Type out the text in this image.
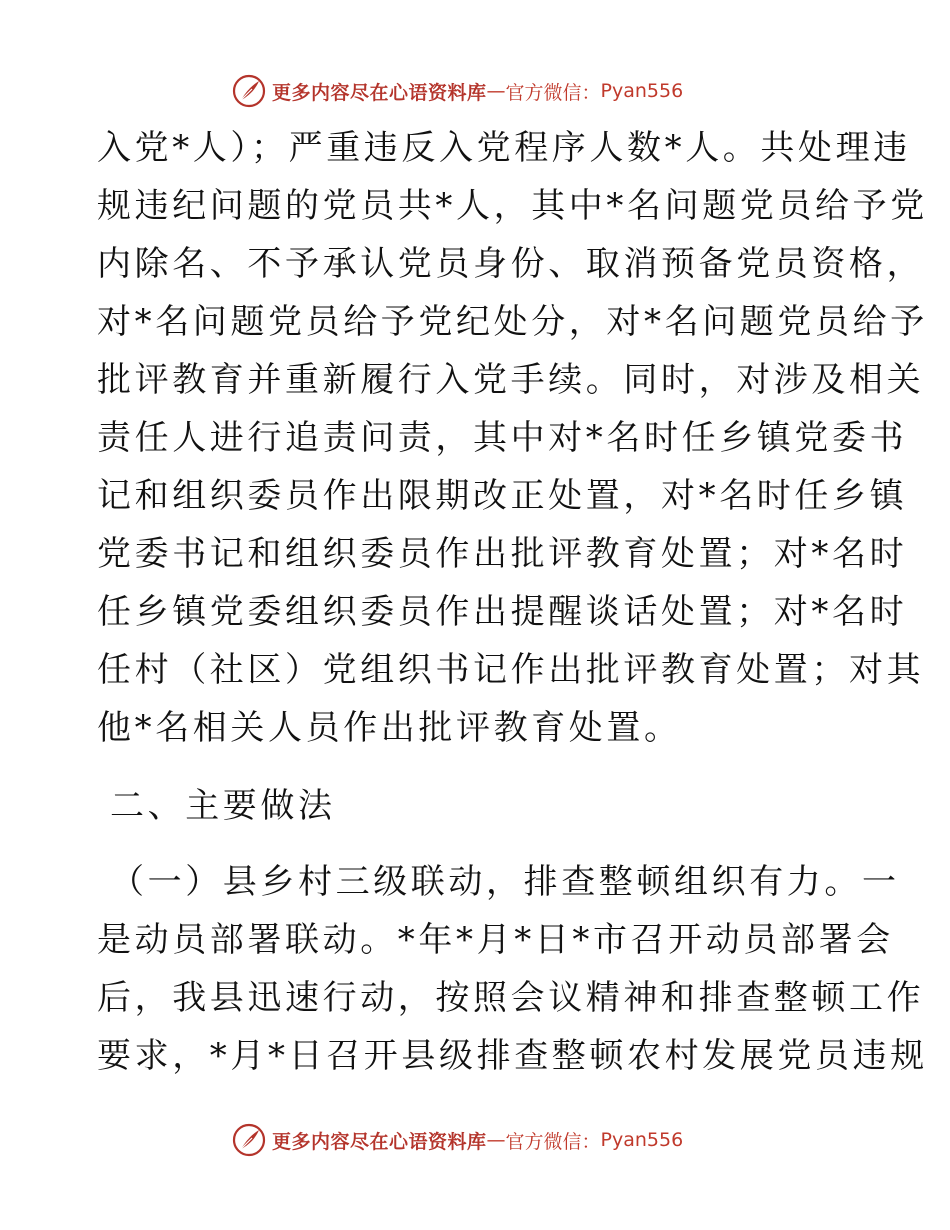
更多内容尽在心语资料库 — 官方微信： Pyan556
入党*人）；严重违反入党程序人数*人。共处理违
规违纪问题的党员共*人，其中*名问题党员给予党
内除名、不予承认党员身份、取消预备党员资格，
对*名问题党员给予党纪处分，对*名问题党员给予
批评教育并重新履行入党手续。同时，对涉及相关
责任人进行追责问责，其中对*名时任乡镇党委书
记和组织委员作出限期改正处置，对*名时任乡镇
党委书记和组织委员作出批评教育处置；对*名时
任乡镇党委组织委员作出提醒谈话处置；对*名时
任村（社区）党组织书记作出批评教育处置；对其
他*名相关人员作出批评教育处置。
二、主要做法
（一）县乡村三级联动，排查整顿组织有力。一
是动员部署联动。*年*月*日*市召开动员部署会
后，我县迅速行动，按照会议精神和排查整顿工作
要求，*月*日召开县级排查整顿农村发展党员违规
更多内容尽在心语资料库 — 官方微信： Pyan556
